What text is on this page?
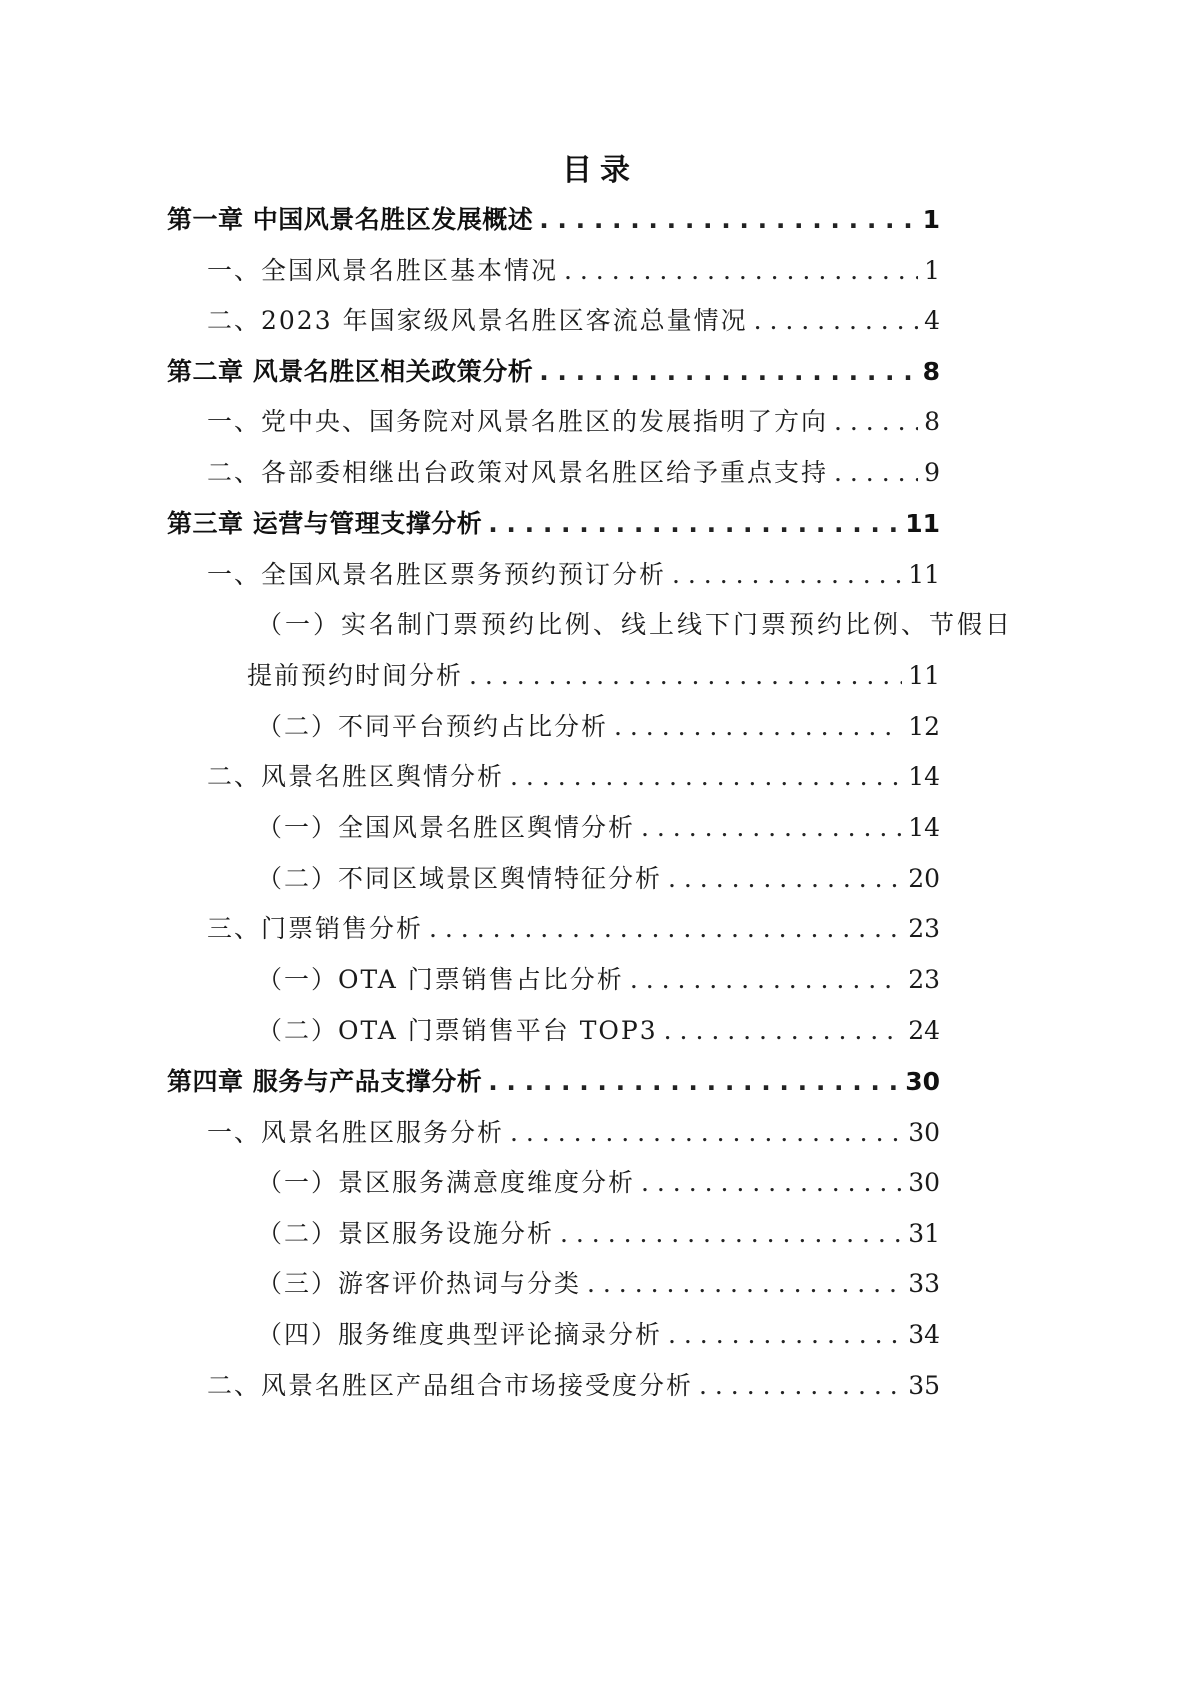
目录
第一章 中国风景名胜区发展概述 . . .	1
一、全国风景名胜区基本情况 . . .	1
二、2023 年国家级风景名胜区客流总量情况 . . .	4
第二章 风景名胜区相关政策分析 . . .	8
一、党中央、国务院对风景名胜区的发展指明了方向 . . .	8
二、各部委相继出台政策对风景名胜区给予重点支持 . . .	9
第三章 运营与管理支撑分析 . . .	11
一、全国风景名胜区票务预约预订分析 . . .	11
（一）实名制门票预约比例、线上线下门票预约比例、节假日
提前预约时间分析 . . .	11
（二）不同平台预约占比分析 . . .	12
二、风景名胜区舆情分析 . . .	14
（一）全国风景名胜区舆情分析 . . .	14
（二）不同区域景区舆情特征分析 . . .	20
三、门票销售分析 . . .	23
（一）OTA 门票销售占比分析 . . .	23
（二）OTA 门票销售平台 TOP3 . . .	24
第四章 服务与产品支撑分析 . . .	30
一、风景名胜区服务分析 . . .	30
（一）景区服务满意度维度分析 . . .	30
（二）景区服务设施分析 . . .	31
（三）游客评价热词与分类 . . .	33
（四）服务维度典型评论摘录分析 . . .	34
二、风景名胜区产品组合市场接受度分析 . . .	35
